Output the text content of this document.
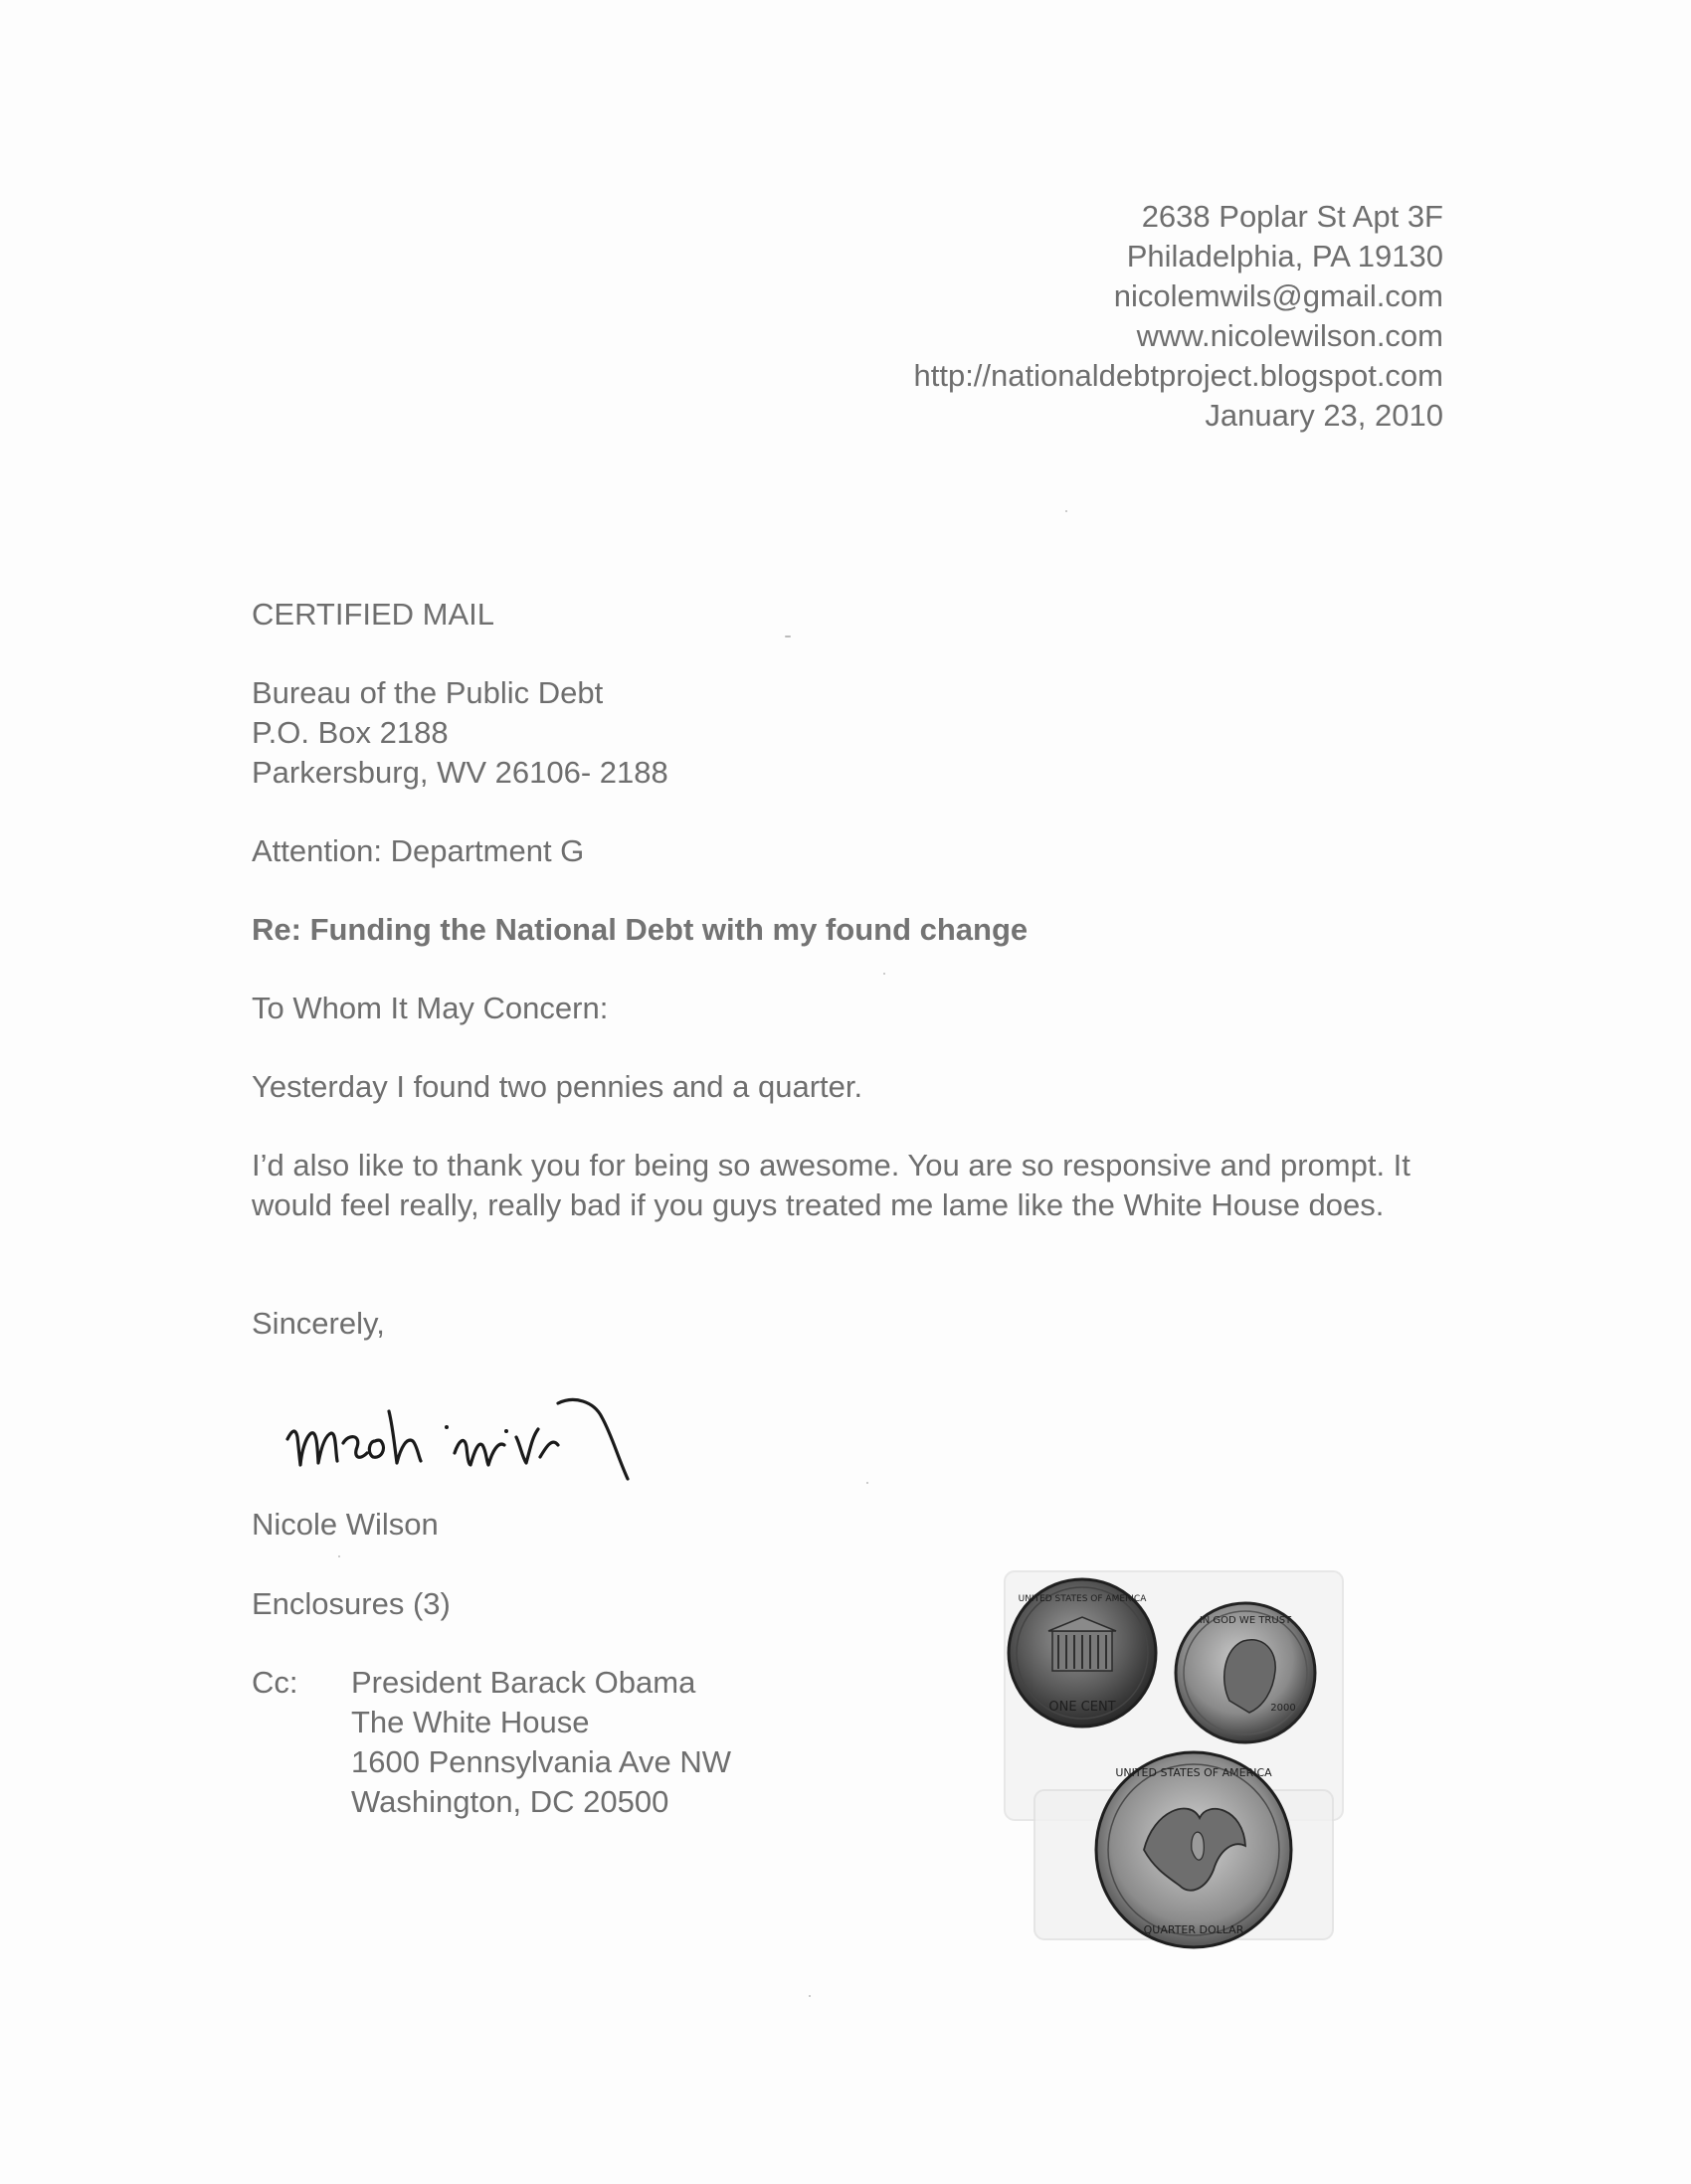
2638 Poplar St Apt 3F
Philadelphia, PA 19130
nicolemwils@gmail.com
www.nicolewilson.com
http://nationaldebtproject.blogspot.com
January 23, 2010
CERTIFIED MAIL
Bureau of the Public Debt
P.O. Box 2188
Parkersburg, WV 26106- 2188
Attention: Department G
Re: Funding the National Debt with my found change
To Whom It May Concern:
Yesterday I found two pennies and a quarter.
I’d also like to thank you for being so awesome. You are so responsive and prompt. It would feel really, really bad if you guys treated me lame like the White House does.
Sincerely,
Nicole Wilson
Enclosures (3)
Cc: President Barack Obama
The White House
1600 Pennsylvania Ave NW
Washington, DC 20500
UNITED STATES OF AMERICA
ONE CENT
IN GOD WE TRUST
2000
UNITED STATES OF AMERICA
QUARTER DOLLAR
